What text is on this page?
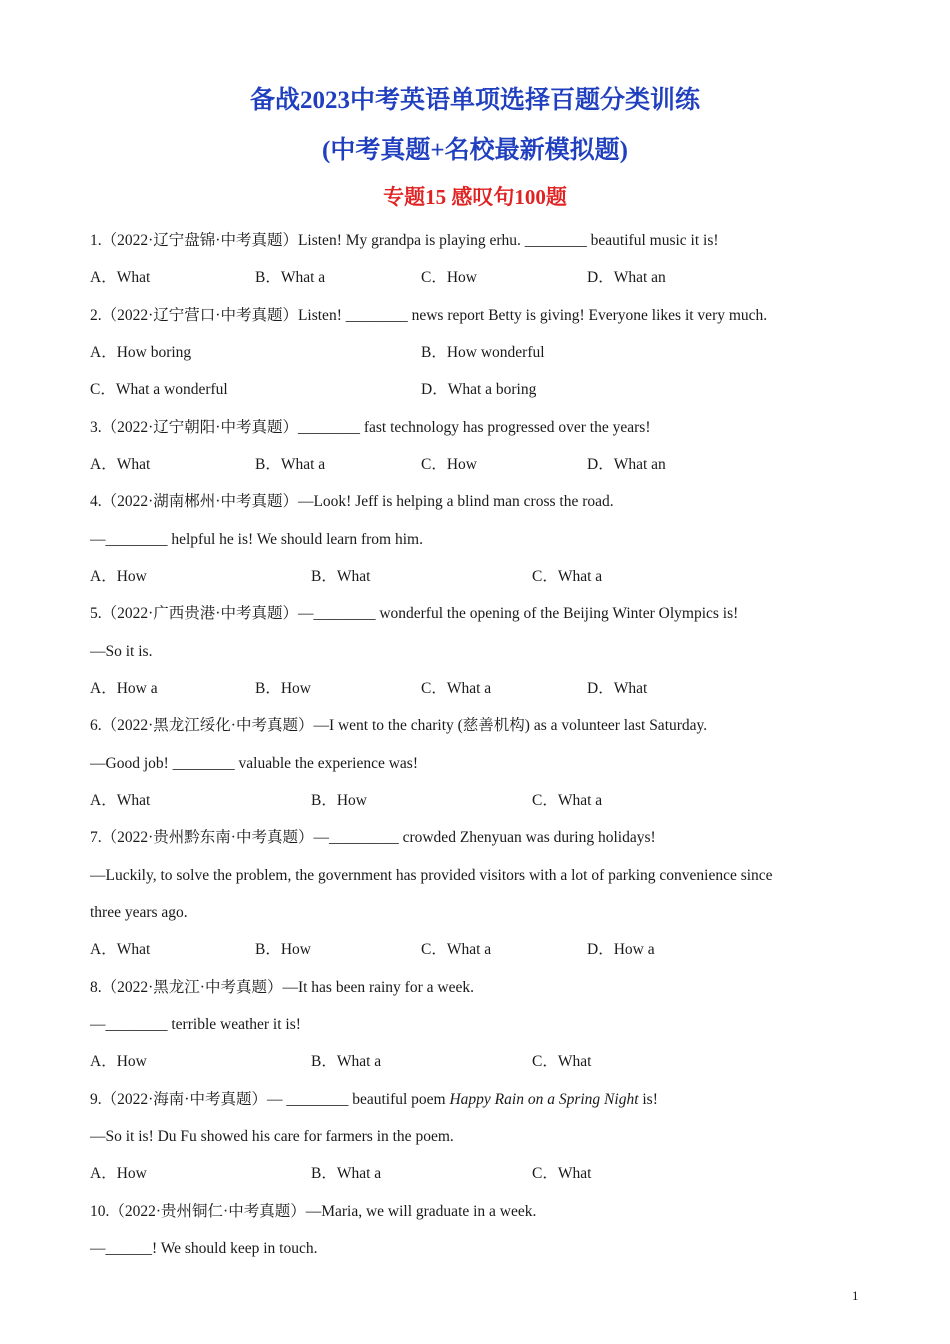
备战2023中考英语单项选择百题分类训练
(中考真题+名校最新模拟题)
专题15 感叹句100题
1.（2022·辽宁盘锦·中考真题）Listen! My grandpa is playing erhu. ________ beautiful music it is!
A．What	B．What a	C．How	D．What an
2.（2022·辽宁营口·中考真题）Listen! ________ news report Betty is giving! Everyone likes it very much.
A．How boring	B．How wonderful
C．What a wonderful	D．What a boring
3.（2022·辽宁朝阳·中考真题）________ fast technology has progressed over the years!
A．What	B．What a	C．How	D．What an
4.（2022·湖南郴州·中考真题）—Look! Jeff is helping a blind man cross the road.
—________ helpful he is! We should learn from him.
A．How	B．What	C．What a
5.（2022·广西贵港·中考真题）—________ wonderful the opening of the Beijing Winter Olympics is!
—So it is.
A．How a	B．How	C．What a	D．What
6.（2022·黑龙江绥化·中考真题）—I went to the charity (慈善机构) as a volunteer last Saturday.
—Good job! ________ valuable the experience was!
A．What	B．How	C．What a
7.（2022·贵州黔东南·中考真题）—_________ crowded Zhenyuan was during holidays!
—Luckily, to solve the problem, the government has provided visitors with a lot of parking convenience since
three years ago.
A．What	B．How	C．What a	D．How a
8.（2022·黑龙江·中考真题）—It has been rainy for a week.
—________ terrible weather it is!
A．How	B．What a	C．What
9.（2022·海南·中考真题）— ________ beautiful poem Happy Rain on a Spring Night is!
—So it is! Du Fu showed his care for farmers in the poem.
A．How	B．What a	C．What
10.（2022·贵州铜仁·中考真题）—Maria, we will graduate in a week.
—______! We should keep in touch.
1
